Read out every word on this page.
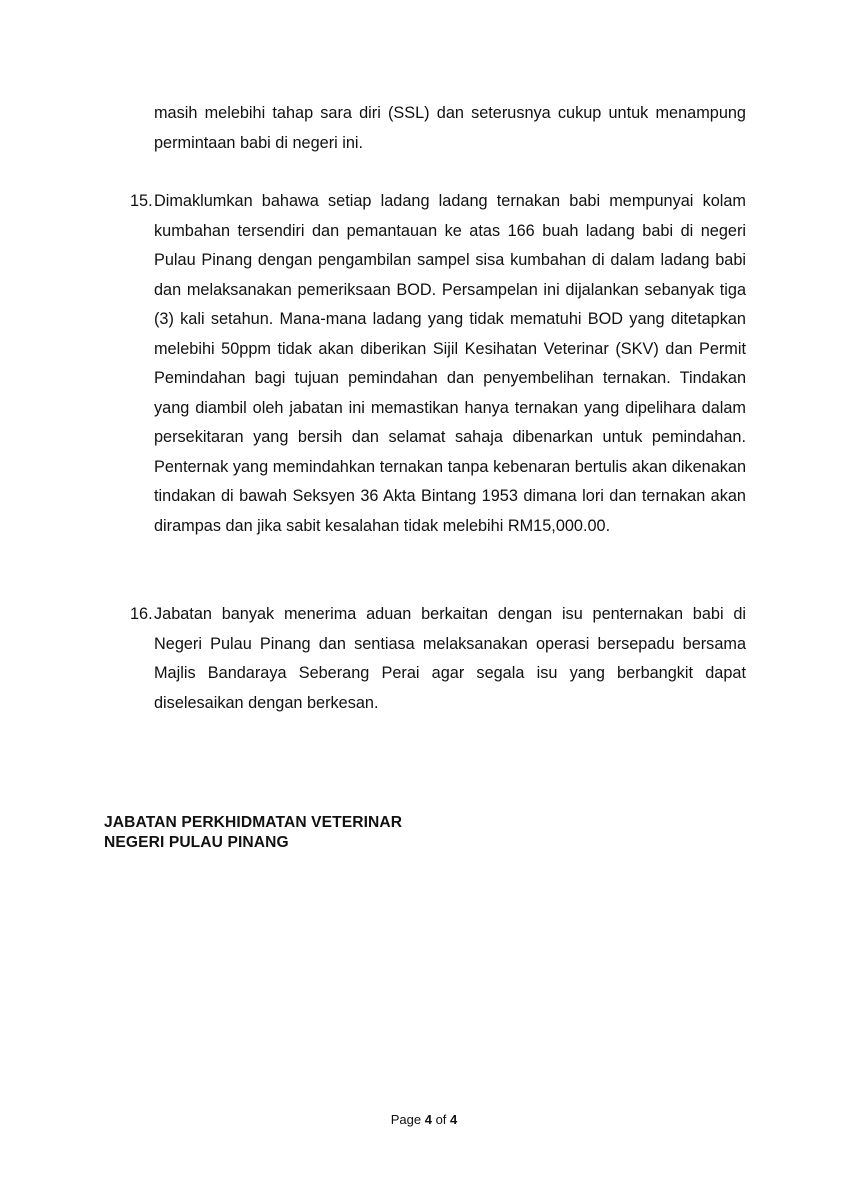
masih melebihi tahap sara diri (SSL) dan seterusnya cukup untuk menampung permintaan babi di negeri ini.

15. Dimaklumkan bahawa setiap ladang ladang ternakan babi mempunyai kolam kumbahan tersendiri dan pemantauan ke atas 166 buah ladang babi di negeri Pulau Pinang dengan pengambilan sampel sisa kumbahan di dalam ladang babi dan melaksanakan pemeriksaan BOD. Persampelan ini dijalankan sebanyak tiga (3) kali setahun. Mana-mana ladang yang tidak mematuhi BOD yang ditetapkan melebihi 50ppm tidak akan diberikan Sijil Kesihatan Veterinar (SKV) dan Permit Pemindahan bagi tujuan pemindahan dan penyembelihan ternakan. Tindakan yang diambil oleh jabatan ini memastikan hanya ternakan yang dipelihara dalam persekitaran yang bersih dan selamat sahaja dibenarkan untuk pemindahan. Penternak yang memindahkan ternakan tanpa kebenaran bertulis akan dikenakan tindakan di bawah Seksyen 36 Akta Bintang 1953 dimana lori dan ternakan akan dirampas dan jika sabit kesalahan tidak melebihi RM15,000.00.

16. Jabatan banyak menerima aduan berkaitan dengan isu penternakan babi di Negeri Pulau Pinang dan sentiasa melaksanakan operasi bersepadu bersama Majlis Bandaraya Seberang Perai agar segala isu yang berbangkit dapat diselesaikan dengan berkesan.

JABATAN PERKHIDMATAN VETERINAR

NEGERI PULAU PINANG

Page 4 of 4
